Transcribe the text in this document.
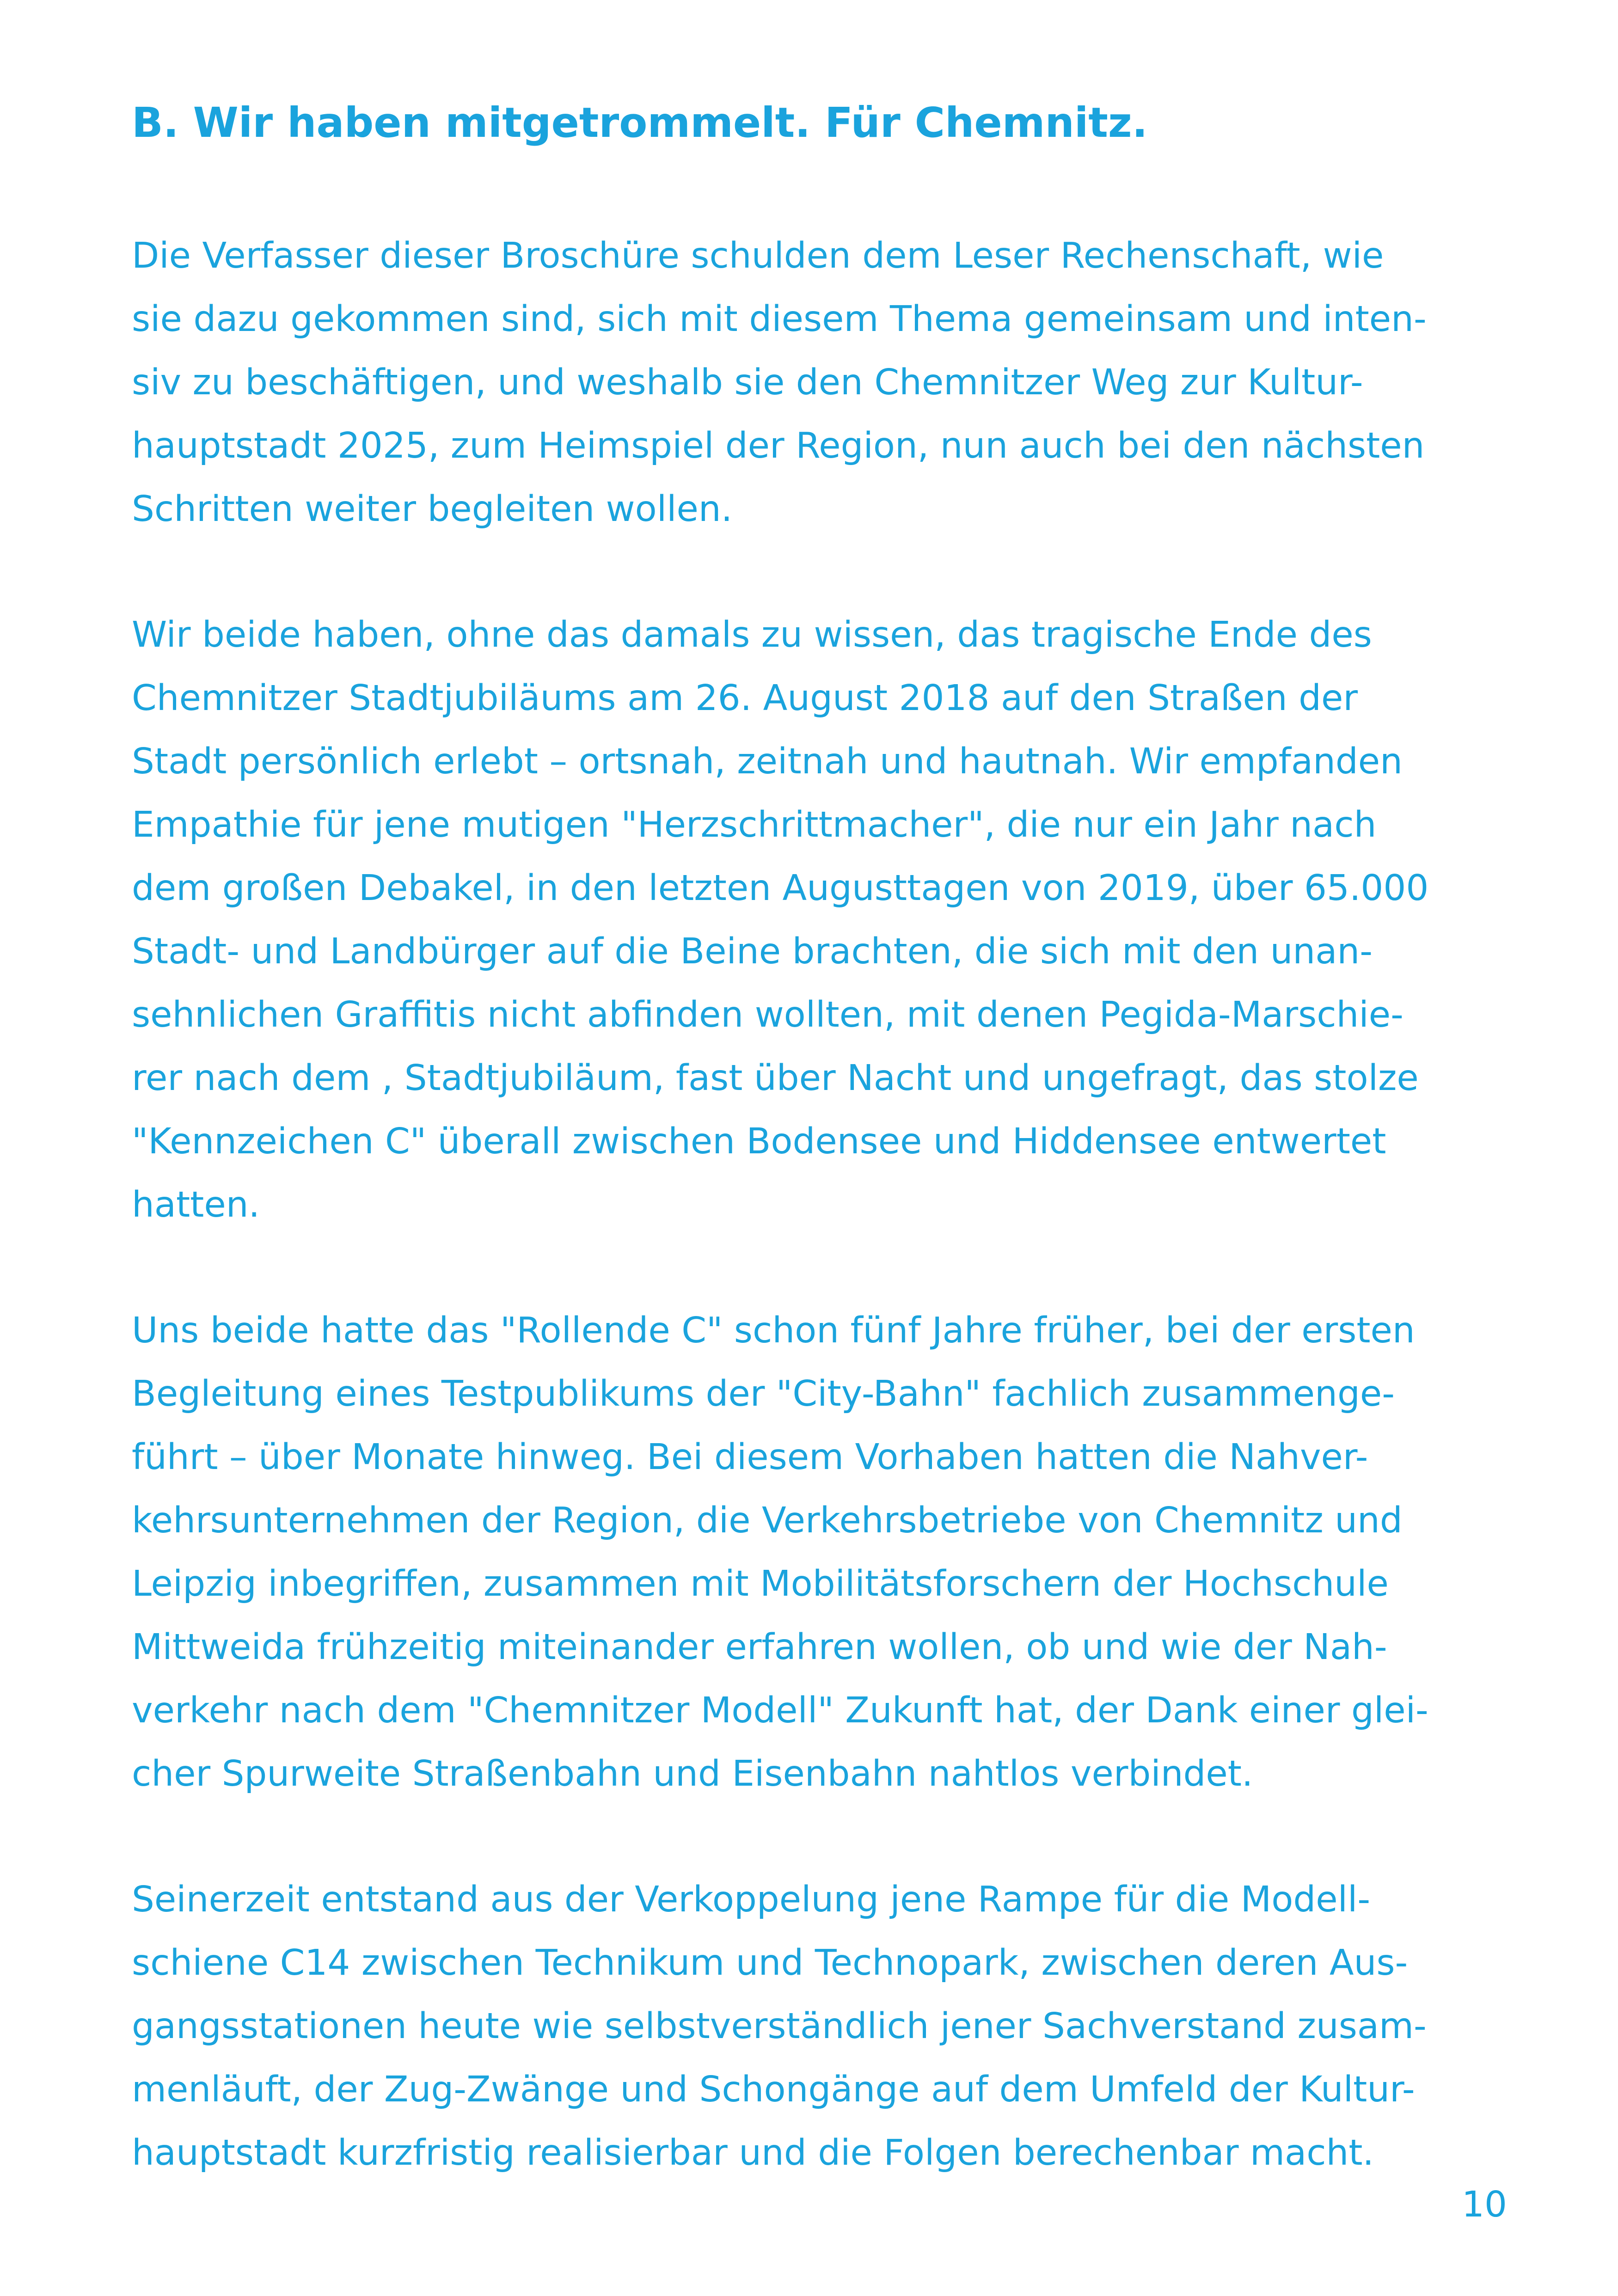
B. Wir haben mitgetrommelt. Für Chemnitz.

Die Verfasser dieser Broschüre schulden dem Leser Rechenschaft, wie
sie dazu gekommen sind, sich mit diesem Thema gemeinsam und inten-
siv zu beschäftigen, und weshalb sie den Chemnitzer Weg zur Kultur-
hauptstadt 2025, zum Heimspiel der Region, nun auch bei den nächsten
Schritten weiter begleiten wollen.

Wir beide haben, ohne das damals zu wissen, das tragische Ende des
Chemnitzer Stadtjubiläums am 26. August 2018 auf den Straßen der
Stadt persönlich erlebt – ortsnah, zeitnah und hautnah. Wir empfanden
Empathie für jene mutigen "Herzschrittmacher", die nur ein Jahr nach
dem großen Debakel, in den letzten Augusttagen von 2019, über 65.000
Stadt- und Landbürger auf die Beine brachten, die sich mit den unan-
sehnlichen Graffitis nicht abfinden wollten, mit denen Pegida-Marschie-
rer nach dem , Stadtjubiläum, fast über Nacht und ungefragt, das stolze
"Kennzeichen C" überall zwischen Bodensee und Hiddensee entwertet
hatten.

Uns beide hatte das "Rollende C" schon fünf Jahre früher, bei der ersten
Begleitung eines Testpublikums der "City-Bahn" fachlich zusammenge-
führt – über Monate hinweg. Bei diesem Vorhaben hatten die Nahver-
kehrsunternehmen der Region, die Verkehrsbetriebe von Chemnitz und
Leipzig inbegriffen, zusammen mit Mobilitätsforschern der Hochschule
Mittweida frühzeitig miteinander erfahren wollen, ob und wie der Nah-
verkehr nach dem "Chemnitzer Modell" Zukunft hat, der Dank einer glei-
cher Spurweite Straßenbahn und Eisenbahn nahtlos verbindet.

Seinerzeit entstand aus der Verkoppelung jene Rampe für die Modell-
schiene C14 zwischen Technikum und Technopark, zwischen deren Aus-
gangsstationen heute wie selbstverständlich jener Sachverstand zusam-
menläuft, der Zug-Zwänge und Schongänge auf dem Umfeld der Kultur-
hauptstadt kurzfristig realisierbar und die Folgen berechenbar macht.

10
